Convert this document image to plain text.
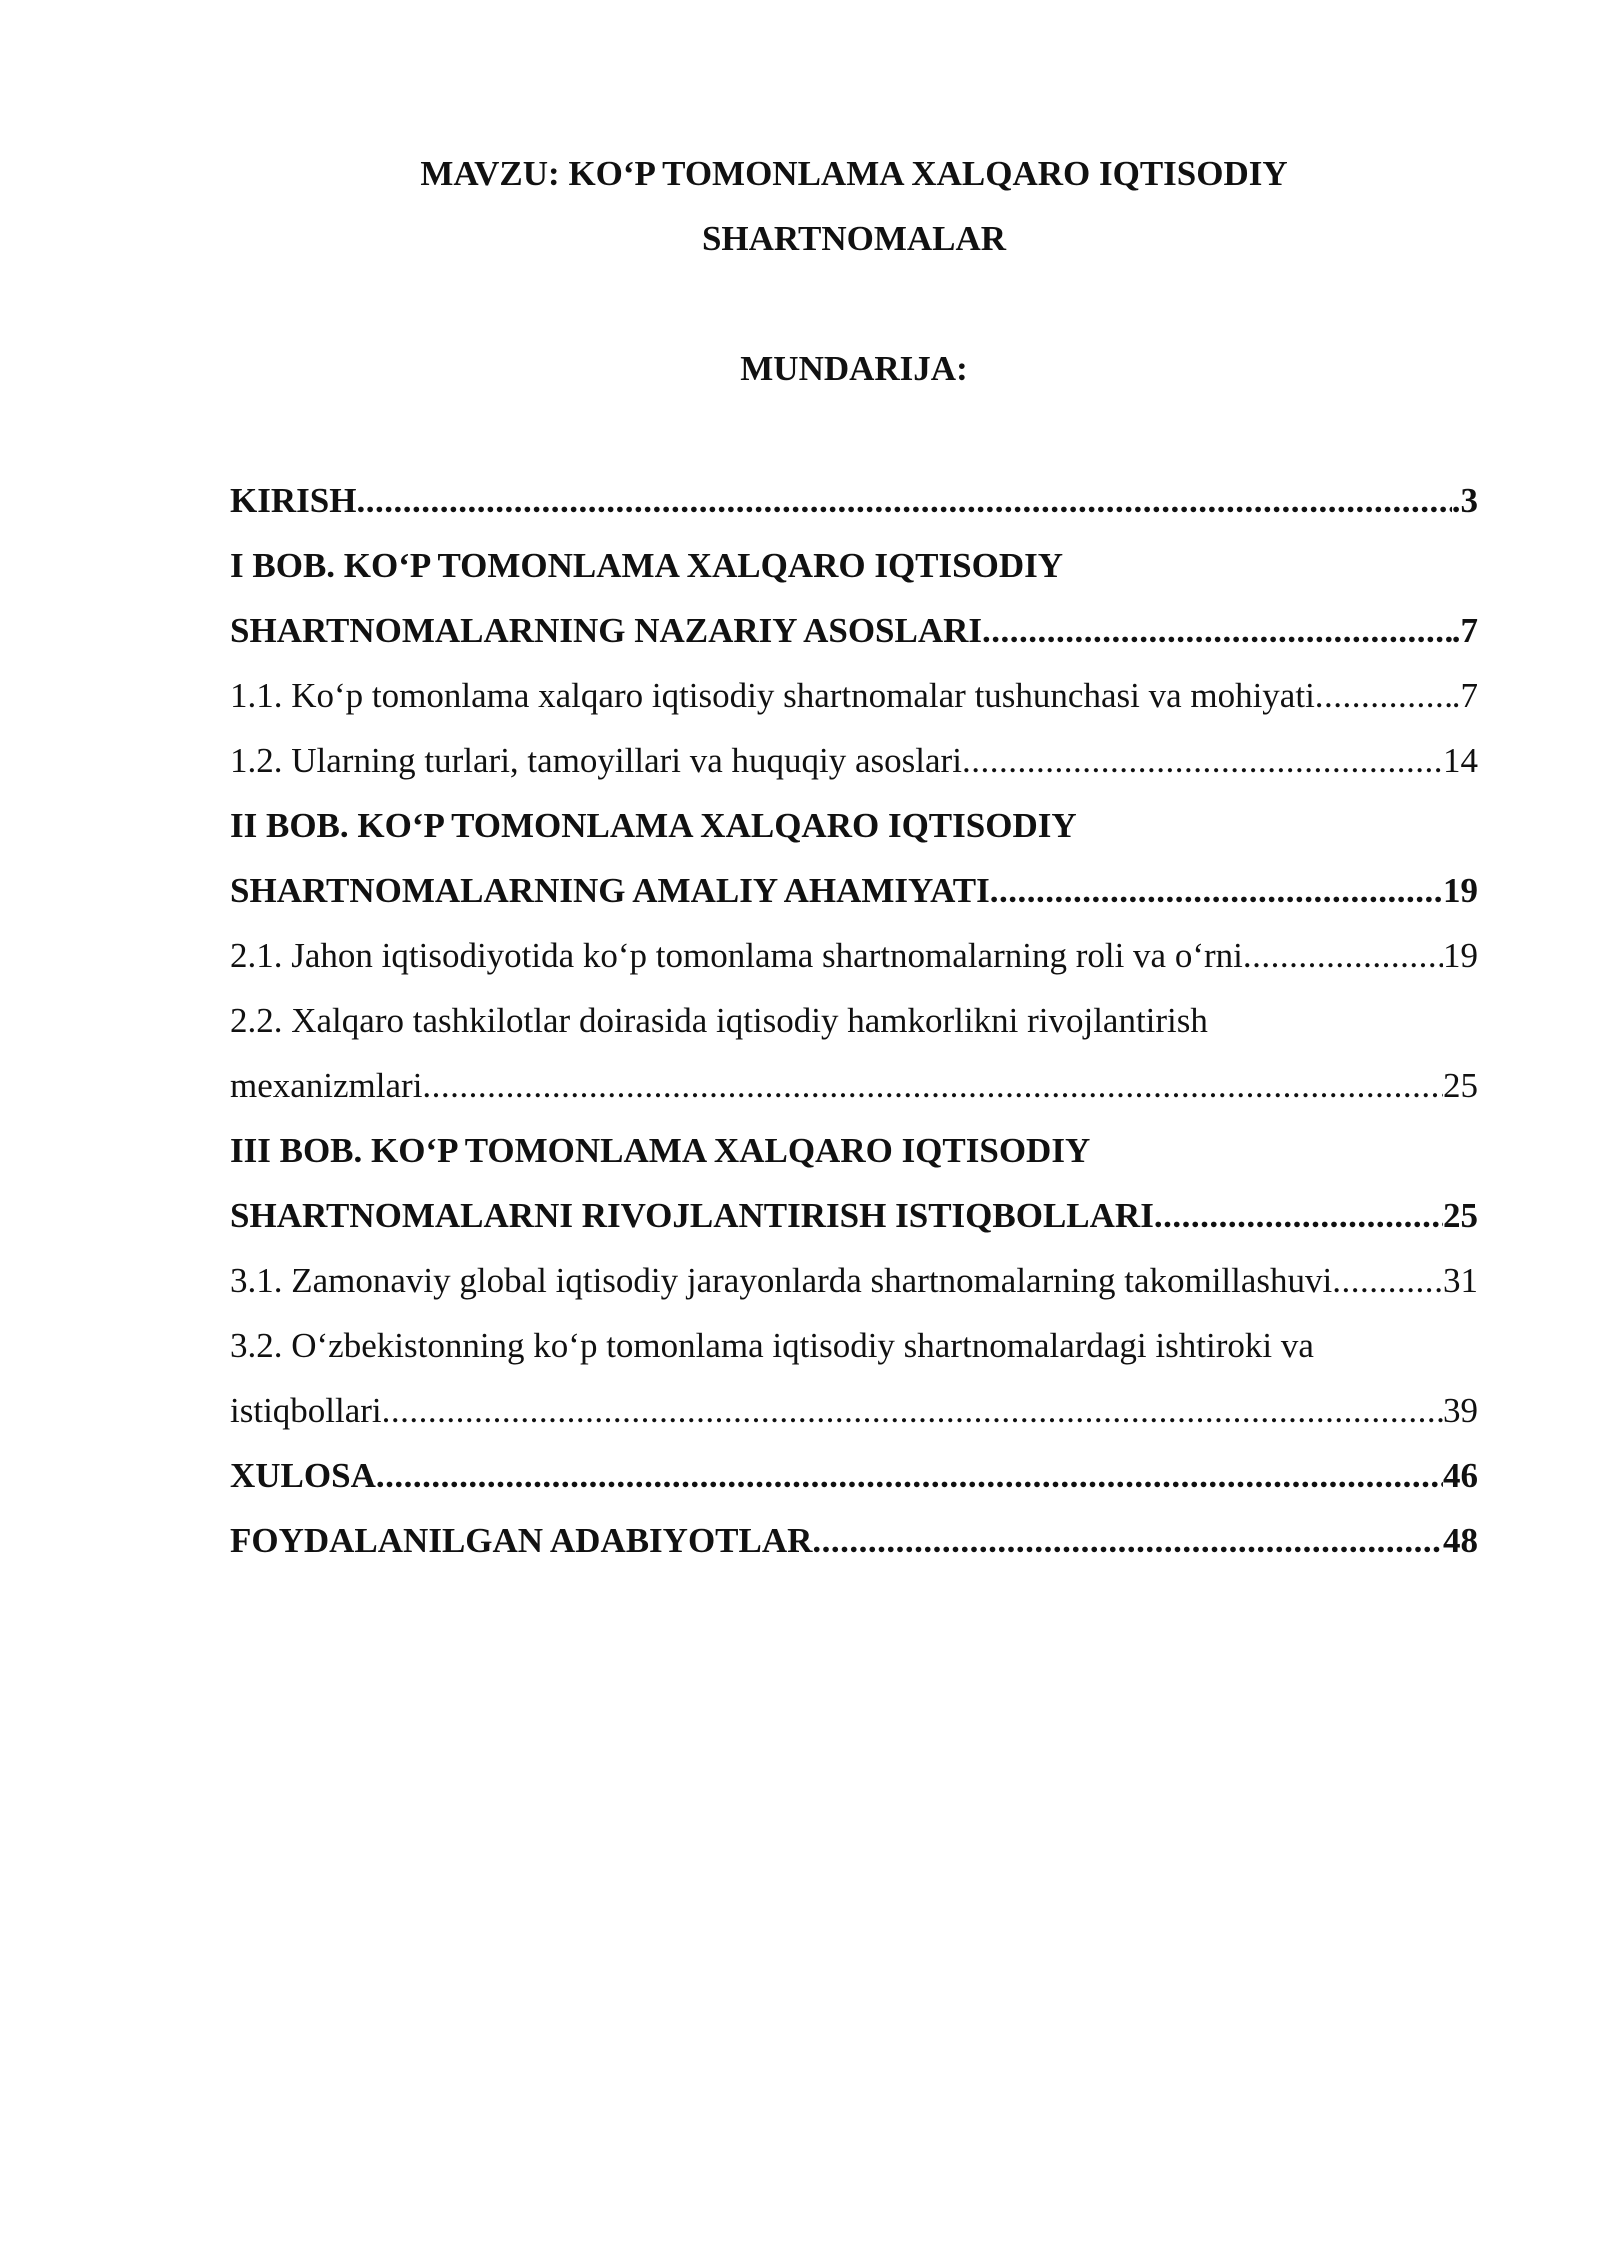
MAVZU: KO‘P TOMONLAMA XALQARO IQTISODIY
SHARTNOMALAR
MUNDARIJA:
KIRISH .....	.3
I BOB. KO‘P TOMONLAMA XALQARO IQTISODIY
SHARTNOMALARNING NAZARIY ASOSLARI .....	.7
1.1. Ko‘p tomonlama xalqaro iqtisodiy shartnomalar tushunchasi va mohiyati .....	.7
1.2. Ularning turlari, tamoyillari va huquqiy asoslari .....	14
II BOB. KO‘P TOMONLAMA XALQARO IQTISODIY
SHARTNOMALARNING AMALIY AHAMIYATI .....	19
2.1. Jahon iqtisodiyotida ko‘p tomonlama shartnomalarning roli va o‘rni .....	19
2.2. Xalqaro tashkilotlar doirasida iqtisodiy hamkorlikni rivojlantirish
mexanizmlari .....	25
III BOB. KO‘P TOMONLAMA XALQARO IQTISODIY
SHARTNOMALARNI RIVOJLANTIRISH ISTIQBOLLARI .....	25
3.1. Zamonaviy global iqtisodiy jarayonlarda shartnomalarning takomillashuvi .....	.31
3.2. O‘zbekistonning ko‘p tomonlama iqtisodiy shartnomalardagi ishtiroki va
istiqbollari .....	39
XULOSA .....	46
FOYDALANILGAN ADABIYOTLAR .....	48
